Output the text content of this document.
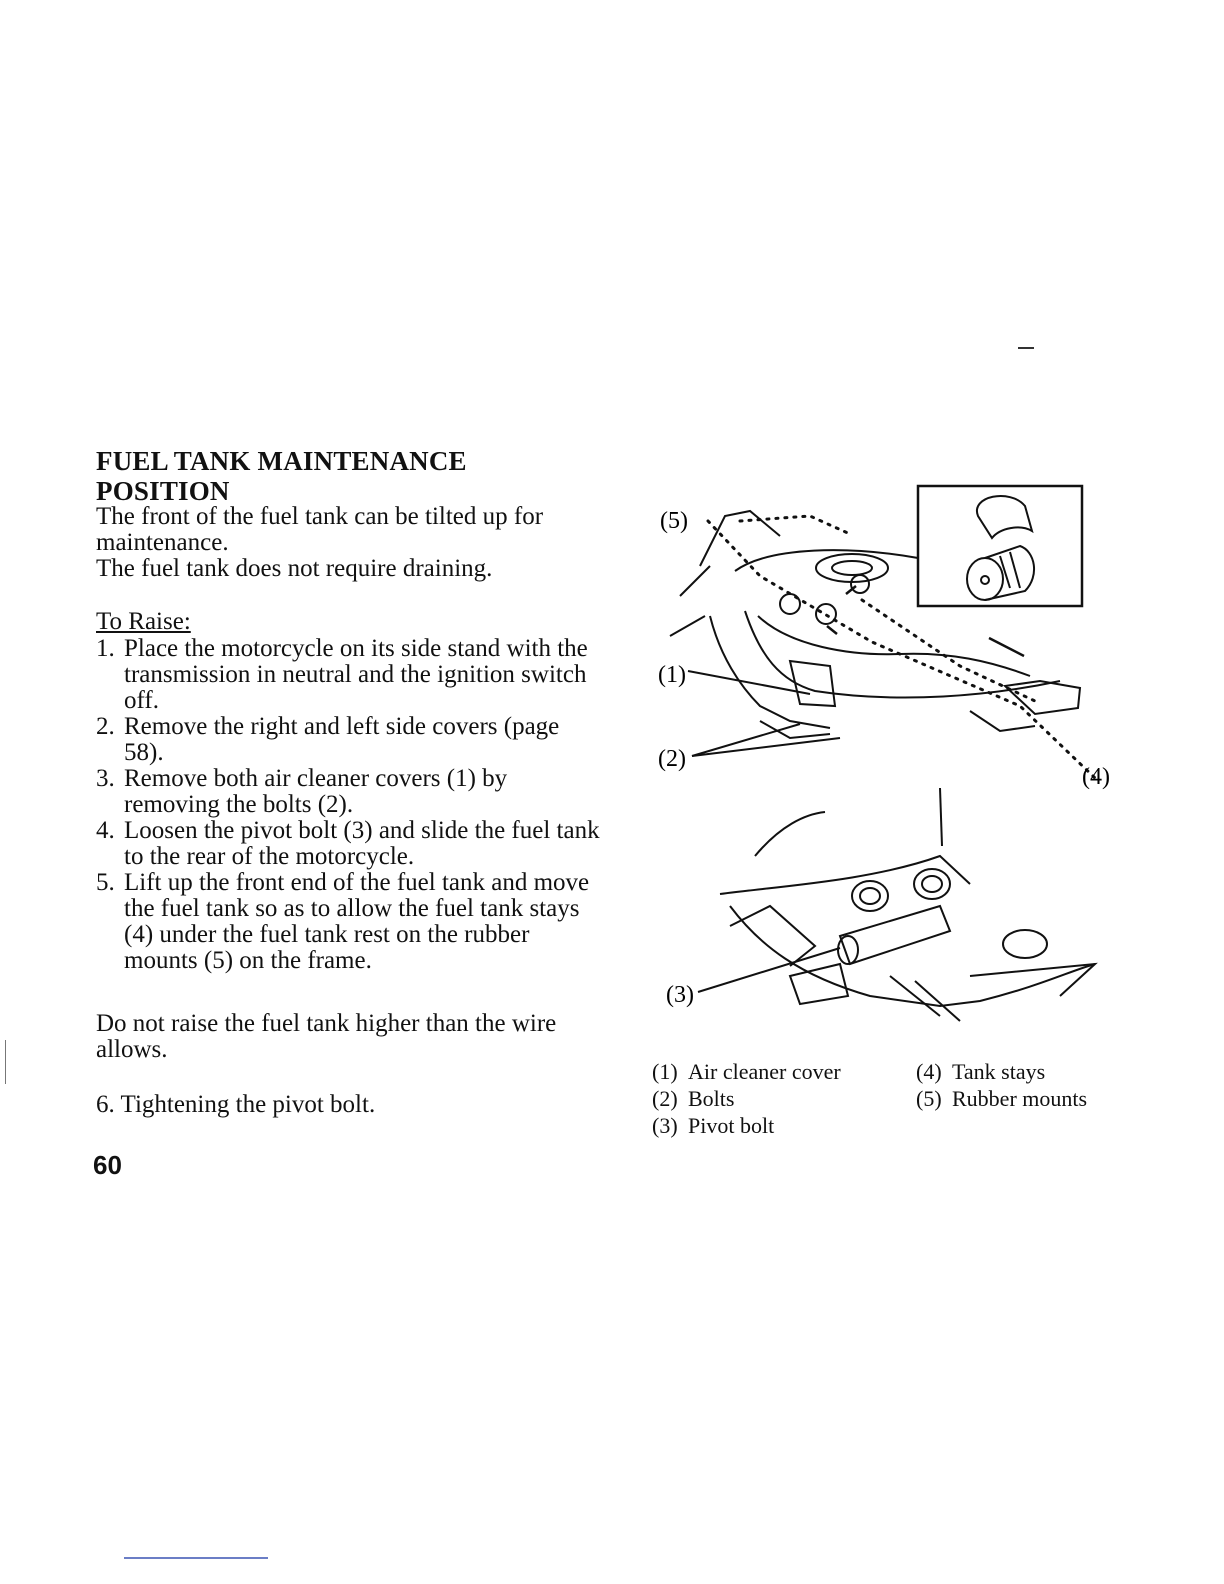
FUEL TANK MAINTENANCE
POSITION

The front of the fuel tank can be tilted up for maintenance.

The fuel tank does not require draining.

To Raise:
1. Place the motorcycle on its side stand with the transmission in neutral and the ignition switch off.
2. Remove the right and left side covers (page 58).
3. Remove both air cleaner covers (1) by removing the bolts (2).
4. Loosen the pivot bolt (3) and slide the fuel tank to the rear of the motorcycle.
5. Lift up the front end of the fuel tank and move the fuel tank so as to allow the fuel tank stays (4) under the fuel tank rest on the rubber mounts (5) on the frame.
Do not raise the fuel tank higher than the wire allows.
6. Tightening the pivot bolt.
60
(5)
(1)
(2)
(4)
(3)
(1) Air cleaner cover
(2) Bolts
(3) Pivot bolt
(4) Tank stays
(5) Rubber mounts
